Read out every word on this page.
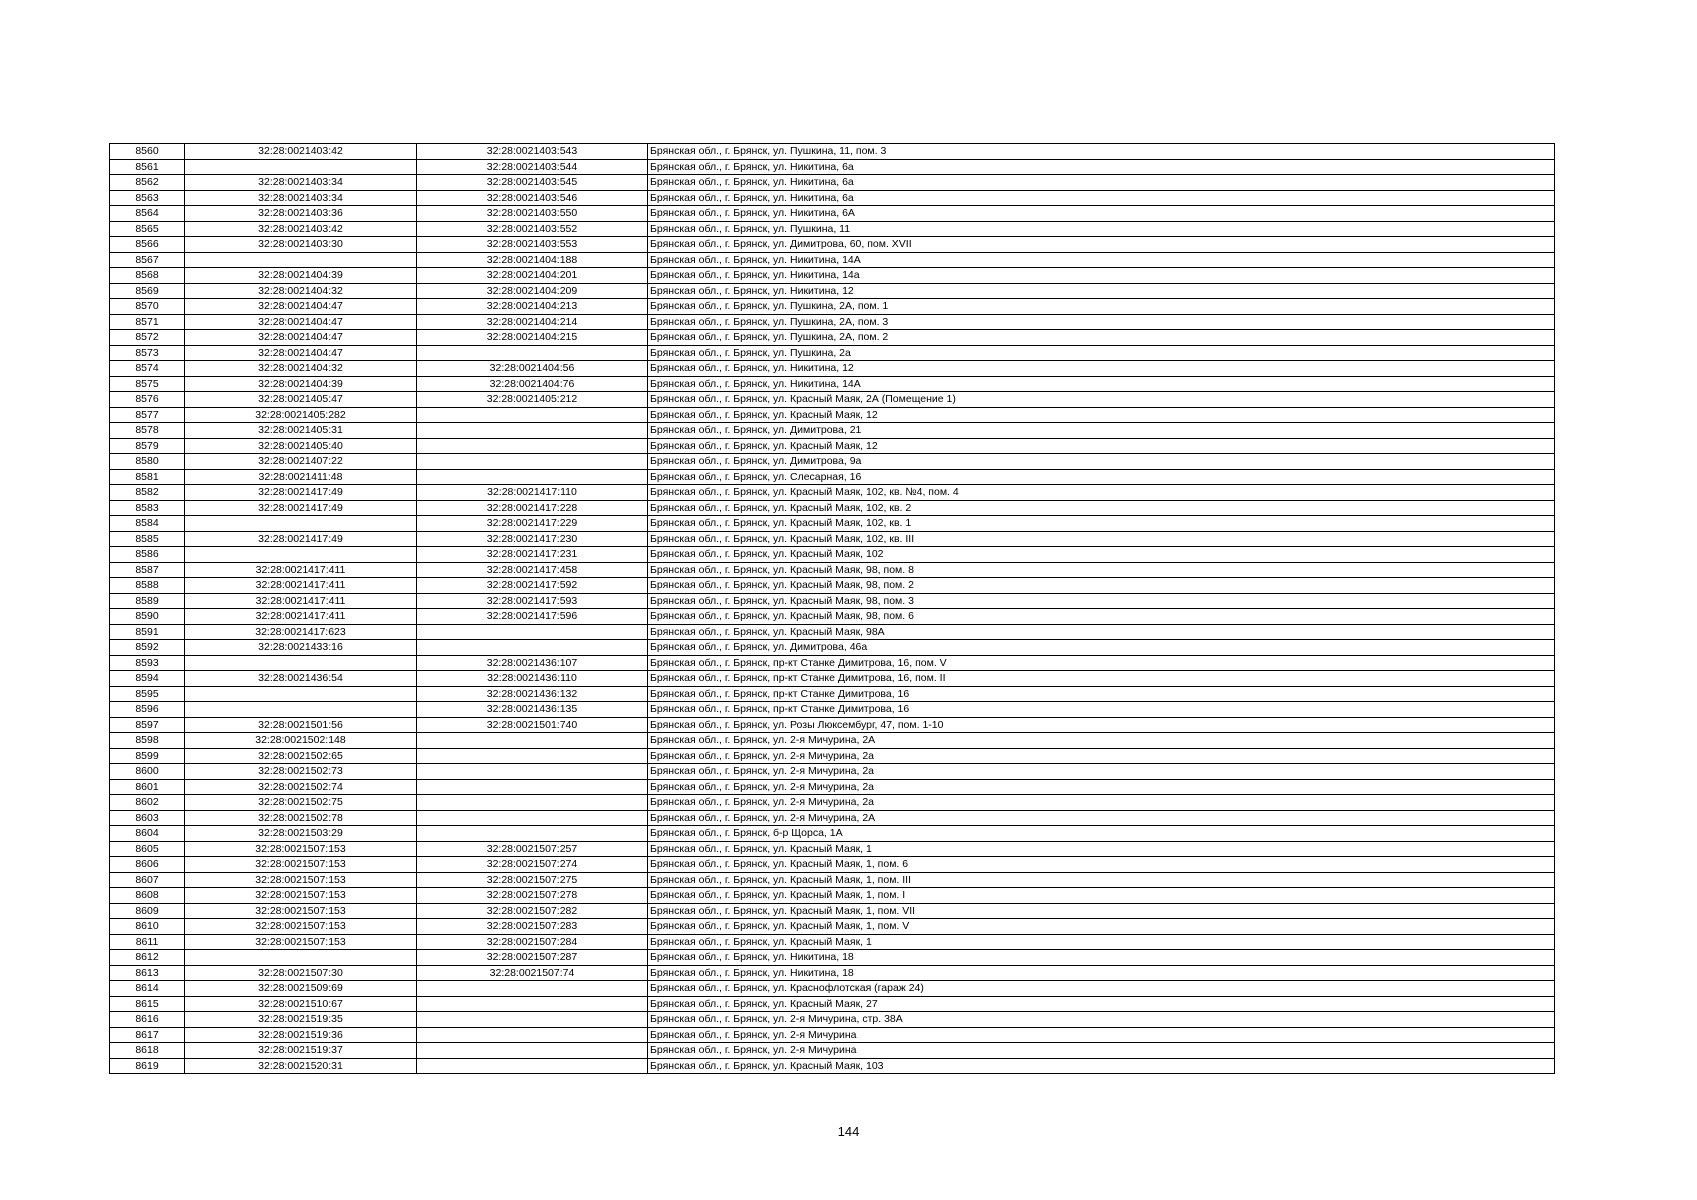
8560	32:28:0021403:42	32:28:0021403:543	Брянская обл., г. Брянск, ул. Пушкина, 11, пом. 3
8561		32:28:0021403:544	Брянская обл., г. Брянск, ул. Никитина, 6а
8562	32:28:0021403:34	32:28:0021403:545	Брянская обл., г. Брянск, ул. Никитина, 6а
8563	32:28:0021403:34	32:28:0021403:546	Брянская обл., г. Брянск, ул. Никитина, 6а
8564	32:28:0021403:36	32:28:0021403:550	Брянская обл., г. Брянск, ул. Никитина, 6А
8565	32:28:0021403:42	32:28:0021403:552	Брянская обл., г. Брянск, ул. Пушкина, 11
8566	32:28:0021403:30	32:28:0021403:553	Брянская обл., г. Брянск, ул. Димитрова, 60, пом. XVII
8567		32:28:0021404:188	Брянская обл., г. Брянск, ул. Никитина, 14А
8568	32:28:0021404:39	32:28:0021404:201	Брянская обл., г. Брянск, ул. Никитина, 14а
8569	32:28:0021404:32	32:28:0021404:209	Брянская обл., г. Брянск, ул. Никитина, 12
8570	32:28:0021404:47	32:28:0021404:213	Брянская обл., г. Брянск, ул. Пушкина, 2А, пом. 1
8571	32:28:0021404:47	32:28:0021404:214	Брянская обл., г. Брянск, ул. Пушкина, 2А, пом. 3
8572	32:28:0021404:47	32:28:0021404:215	Брянская обл., г. Брянск, ул. Пушкина, 2А, пом. 2
8573	32:28:0021404:47		Брянская обл., г. Брянск, ул. Пушкина, 2а
8574	32:28:0021404:32	32:28:0021404:56	Брянская обл., г. Брянск, ул. Никитина, 12
8575	32:28:0021404:39	32:28:0021404:76	Брянская обл., г. Брянск, ул. Никитина, 14А
8576	32:28:0021405:47	32:28:0021405:212	Брянская обл., г. Брянск, ул. Красный Маяк, 2А (Помещение 1)
8577	32:28:0021405:282		Брянская обл., г. Брянск, ул. Красный Маяк, 12
8578	32:28:0021405:31		Брянская обл., г. Брянск, ул. Димитрова, 21
8579	32:28:0021405:40		Брянская обл., г. Брянск, ул. Красный Маяк, 12
8580	32:28:0021407:22		Брянская обл., г. Брянск, ул. Димитрова, 9а
8581	32:28:0021411:48		Брянская обл., г. Брянск, ул. Слесарная, 16
8582	32:28:0021417:49	32:28:0021417:110	Брянская обл., г. Брянск, ул. Красный Маяк, 102, кв. №4, пом. 4
8583	32:28:0021417:49	32:28:0021417:228	Брянская обл., г. Брянск, ул. Красный Маяк, 102, кв. 2
8584		32:28:0021417:229	Брянская обл., г. Брянск, ул. Красный Маяк, 102, кв. 1
8585	32:28:0021417:49	32:28:0021417:230	Брянская обл., г. Брянск, ул. Красный Маяк, 102, кв. III
8586		32:28:0021417:231	Брянская обл., г. Брянск, ул. Красный Маяк, 102
8587	32:28:0021417:411	32:28:0021417:458	Брянская обл., г. Брянск, ул. Красный Маяк, 98, пом. 8
8588	32:28:0021417:411	32:28:0021417:592	Брянская обл., г. Брянск, ул. Красный Маяк, 98, пом. 2
8589	32:28:0021417:411	32:28:0021417:593	Брянская обл., г. Брянск, ул. Красный Маяк, 98, пом. 3
8590	32:28:0021417:411	32:28:0021417:596	Брянская обл., г. Брянск, ул. Красный Маяк, 98, пом. 6
8591	32:28:0021417:623		Брянская обл., г. Брянск, ул. Красный Маяк, 98А
8592	32:28:0021433:16		Брянская обл., г. Брянск, ул. Димитрова, 46а
8593		32:28:0021436:107	Брянская обл., г. Брянск, пр-кт Станке Димитрова, 16, пом. V
8594	32:28:0021436:54	32:28:0021436:110	Брянская обл., г. Брянск, пр-кт Станке Димитрова, 16, пом. II
8595		32:28:0021436:132	Брянская обл., г. Брянск, пр-кт Станке Димитрова, 16
8596		32:28:0021436:135	Брянская обл., г. Брянск, пр-кт Станке Димитрова, 16
8597	32:28:0021501:56	32:28:0021501:740	Брянская обл., г. Брянск, ул. Розы Люксембург, 47, пом. 1-10
8598	32:28:0021502:148		Брянская обл., г. Брянск, ул. 2-я Мичурина, 2А
8599	32:28:0021502:65		Брянская обл., г. Брянск, ул. 2-я Мичурина, 2а
8600	32:28:0021502:73		Брянская обл., г. Брянск, ул. 2-я Мичурина, 2а
8601	32:28:0021502:74		Брянская обл., г. Брянск, ул. 2-я Мичурина, 2а
8602	32:28:0021502:75		Брянская обл., г. Брянск, ул. 2-я Мичурина, 2а
8603	32:28:0021502:78		Брянская обл., г. Брянск, ул. 2-я Мичурина, 2А
8604	32:28:0021503:29		Брянская обл., г. Брянск, б-р Щорса, 1А
8605	32:28:0021507:153	32:28:0021507:257	Брянская обл., г. Брянск, ул. Красный Маяк, 1
8606	32:28:0021507:153	32:28:0021507:274	Брянская обл., г. Брянск, ул. Красный Маяк, 1, пом. 6
8607	32:28:0021507:153	32:28:0021507:275	Брянская обл., г. Брянск, ул. Красный Маяк, 1, пом. III
8608	32:28:0021507:153	32:28:0021507:278	Брянская обл., г. Брянск, ул. Красный Маяк, 1, пом. I
8609	32:28:0021507:153	32:28:0021507:282	Брянская обл., г. Брянск, ул. Красный Маяк, 1, пом. VII
8610	32:28:0021507:153	32:28:0021507:283	Брянская обл., г. Брянск, ул. Красный Маяк, 1, пом. V
8611	32:28:0021507:153	32:28:0021507:284	Брянская обл., г. Брянск, ул. Красный Маяк, 1
8612		32:28:0021507:287	Брянская обл., г. Брянск, ул. Никитина, 18
8613	32:28:0021507:30	32:28:0021507:74	Брянская обл., г. Брянск, ул. Никитина, 18
8614	32:28:0021509:69		Брянская обл., г. Брянск, ул. Краснофлотская (гараж 24)
8615	32:28:0021510:67		Брянская обл., г. Брянск, ул. Красный Маяк, 27
8616	32:28:0021519:35		Брянская обл., г. Брянск, ул. 2-я Мичурина, стр. 38А
8617	32:28:0021519:36		Брянская обл., г. Брянск, ул. 2-я Мичурина
8618	32:28:0021519:37		Брянская обл., г. Брянск, ул. 2-я Мичурина
8619	32:28:0021520:31		Брянская обл., г. Брянск, ул. Красный Маяк, 103
144
